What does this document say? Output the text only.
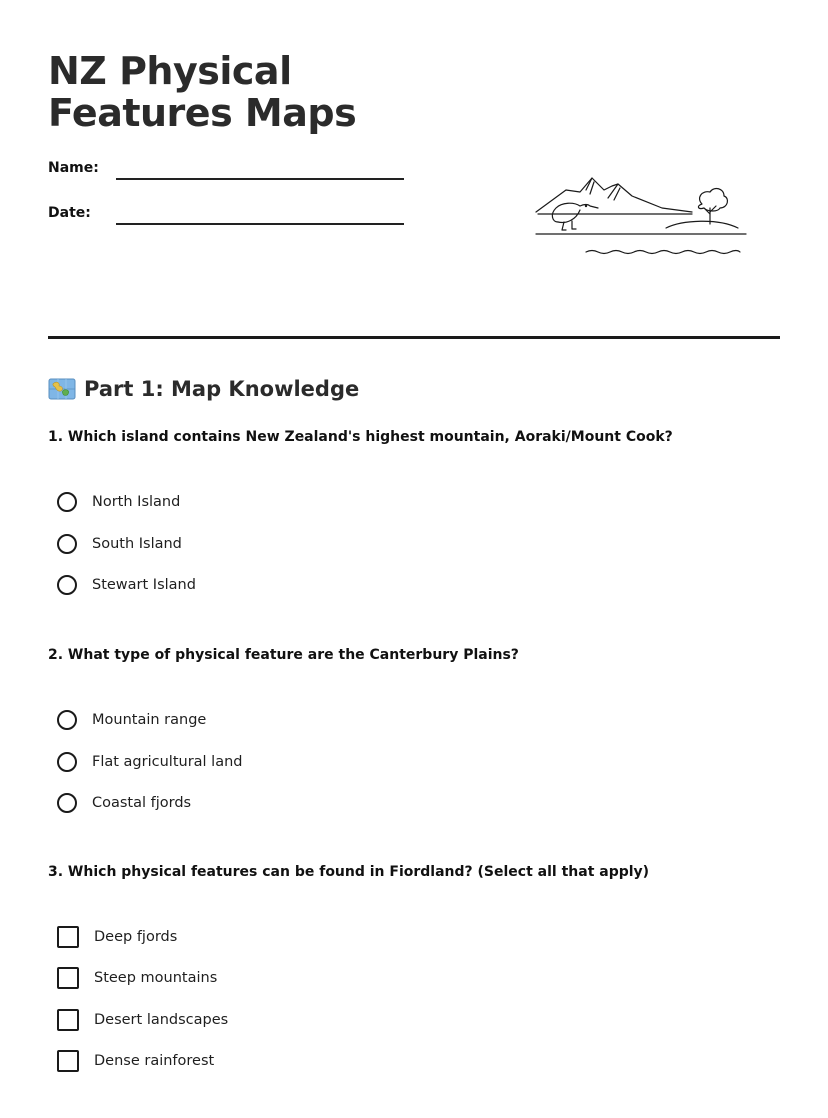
NZ Physical Features Maps
Name:
Date:
Part 1: Map Knowledge
1. Which island contains New Zealand's highest mountain, Aoraki/Mount Cook?
North Island
South Island
Stewart Island
2. What type of physical feature are the Canterbury Plains?
Mountain range
Flat agricultural land
Coastal fjords
3. Which physical features can be found in Fiordland? (Select all that apply)
Deep fjords
Steep mountains
Desert landscapes
Dense rainforest
